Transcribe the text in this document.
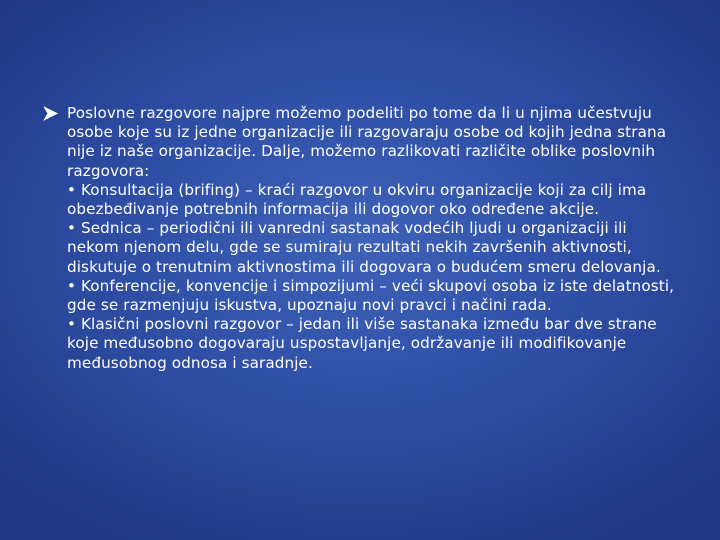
Poslovne razgovore najpre možemo podeliti po tome da li u njima učestvuju osobe koje su iz jedne organizacije ili razgovaraju osobe od kojih jedna strana nije iz naše organizacije. Dalje, možemo razlikovati različite oblike poslovnih razgovora:
• Konsultacija (brifing) – kraći razgovor u okviru organizacije koji za cilj ima obezbeđivanje potrebnih informacija ili dogovor oko određene akcije.
• Sednica – periodični ili vanredni sastanak vodećih ljudi u organizaciji ili nekom njenom delu, gde se sumiraju rezultati nekih završenih aktivnosti, diskutuje o trenutnim aktivnostima ili dogovara o budućem smeru delovanja.
• Konferencije, konvencije i simpozijumi – veći skupovi osoba iz iste delatnosti, gde se razmenjuju iskustva, upoznaju novi pravci i načini rada.
• Klasični poslovni razgovor – jedan ili više sastanaka između bar dve strane koje međusobno dogovaraju uspostavljanje, održavanje ili modifikovanje međusobnog odnosa i saradnje.
